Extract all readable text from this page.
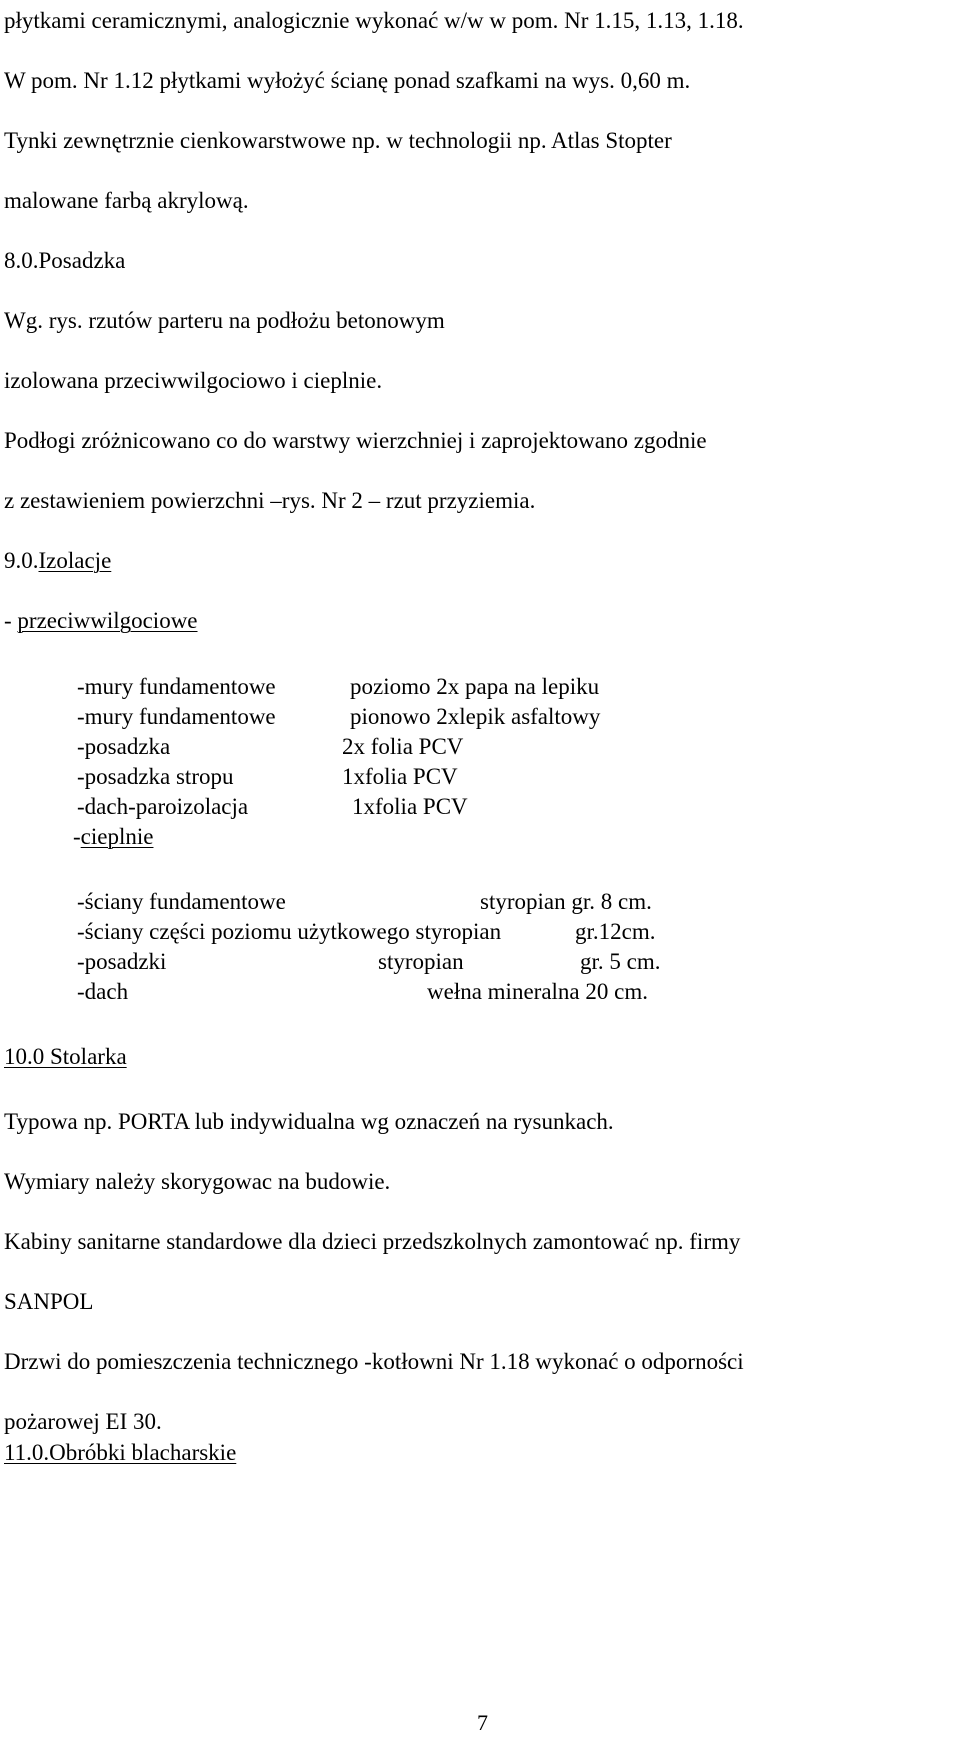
płytkami ceramicznymi, analogicznie wykonać w/w w pom. Nr 1.15, 1.13, 1.18.
W pom. Nr 1.12 płytkami wyłożyć ścianę ponad szafkami na wys. 0,60 m.
Tynki zewnętrznie cienkowarstwowe np. w technologii np. Atlas Stopter
malowane farbą akrylową.
8.0.Posadzka
Wg. rys. rzutów parteru na podłożu betonowym
izolowana przeciwwilgociowo i cieplnie.
Podłogi zróżnicowano co do warstwy wierzchniej i zaprojektowano zgodnie
z zestawieniem powierzchni –rys. Nr 2 – rzut przyziemia.
9.0.Izolacje
- przeciwwilgociowe
-mury fundamentowe	poziomo 2x papa na lepiku
-mury fundamentowe	pionowo 2xlepik asfaltowy
-posadzka	2x folia PCV
-posadzka stropu	1xfolia PCV
-dach-paroizolacja	1xfolia PCV
-cieplnie
-ściany fundamentowe	styropian gr. 8 cm.
-ściany części poziomu użytkowego styropian	gr.12cm.
-posadzki	styropian	gr. 5 cm.
-dach	wełna mineralna 20 cm.
10.0 Stolarka
Typowa np. PORTA lub indywidualna wg oznaczeń na rysunkach.
Wymiary należy skorygowac na budowie.
Kabiny sanitarne standardowe dla dzieci przedszkolnych zamontować np. firmy
SANPOL
Drzwi do pomieszczenia technicznego -kotłowni Nr 1.18 wykonać o odporności
pożarowej EI 30.
11.0.Obróbki blacharskie
7
